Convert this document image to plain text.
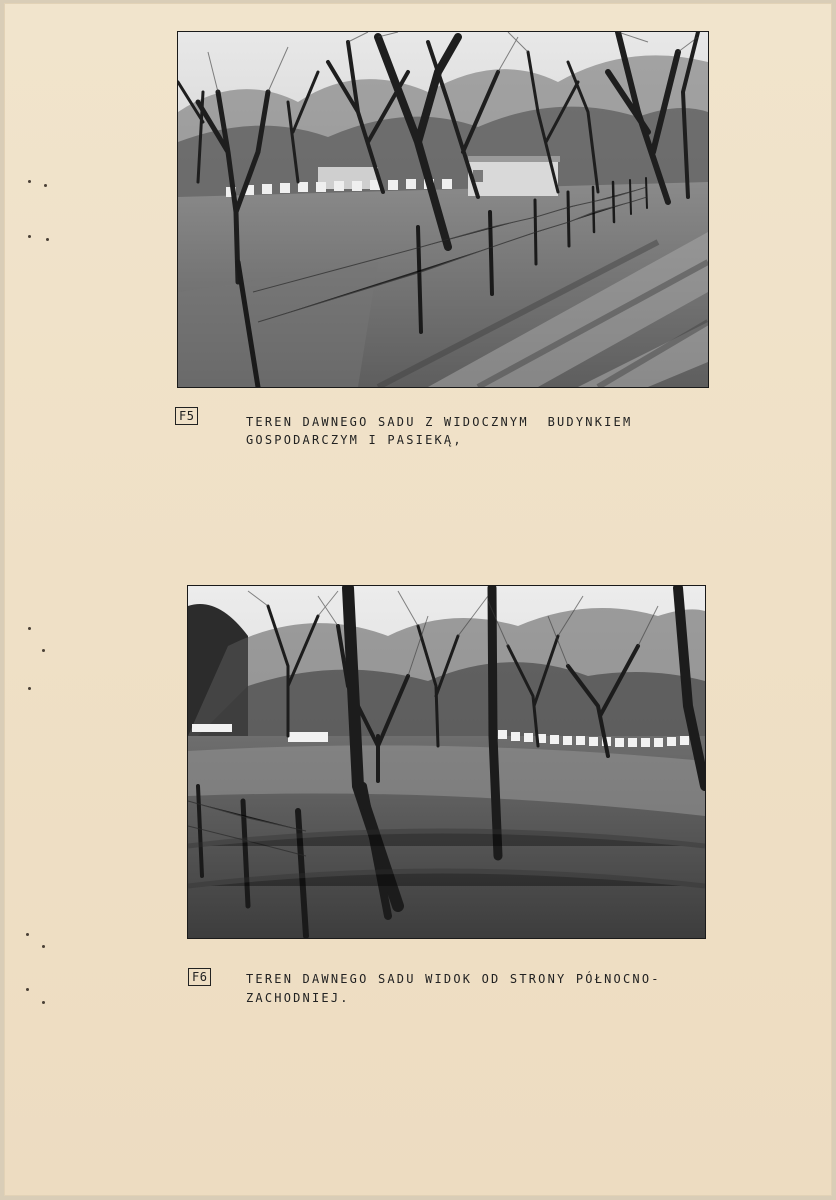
F5	TEREN DAWNEGO SADU Z WIDOCZNYM  BUDYNKIEM
GOSPODARCZYM I PASIEKĄ,
F6	TEREN DAWNEGO SADU WIDOK OD STRONY PÓŁNOCNO-
ZACHODNIEJ.
